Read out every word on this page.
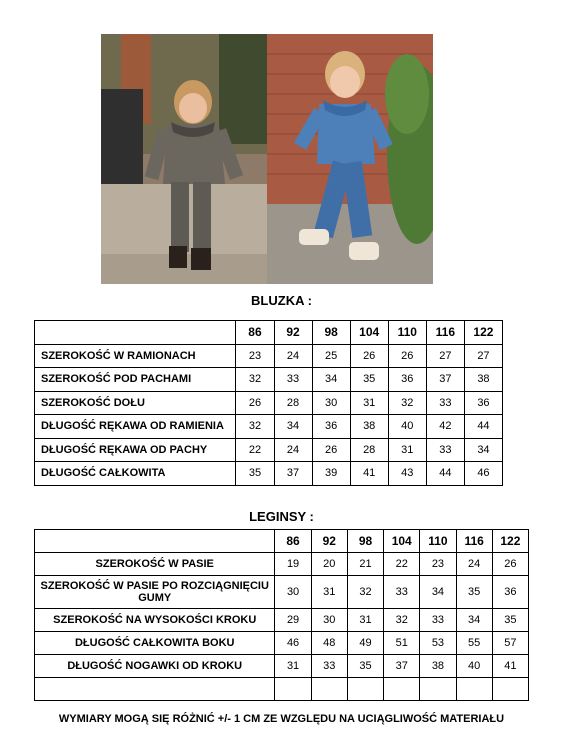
BLUZKA :
	86	92	98	104	110	116	122
SZEROKOŚĆ W RAMIONACH	23	24	25	26	26	27	27
SZEROKOŚĆ POD PACHAMI	32	33	34	35	36	37	38
SZEROKOŚĆ DOŁU	26	28	30	31	32	33	36
DŁUGOŚĆ RĘKAWA OD RAMIENIA	32	34	36	38	40	42	44
DŁUGOŚĆ RĘKAWA OD PACHY	22	24	26	28	31	33	34
DŁUGOŚĆ CAŁKOWITA	35	37	39	41	43	44	46
LEGINSY :
	86	92	98	104	110	116	122
SZEROKOŚĆ W PASIE	19	20	21	22	23	24	26
SZEROKOŚĆ W PASIE PO ROZCIĄGNIĘCIU GUMY	30	31	32	33	34	35	36
SZEROKOŚĆ NA WYSOKOŚCI KROKU	29	30	31	32	33	34	35
DŁUGOŚĆ CAŁKOWITA BOKU	46	48	49	51	53	55	57
DŁUGOŚĆ NOGAWKI OD KROKU	31	33	35	37	38	40	41

WYMIARY MOGĄ SIĘ RÓŻNIĆ +/- 1 CM ZE WZGLĘDU NA UCIĄGLIWOŚĆ MATERIAŁU
